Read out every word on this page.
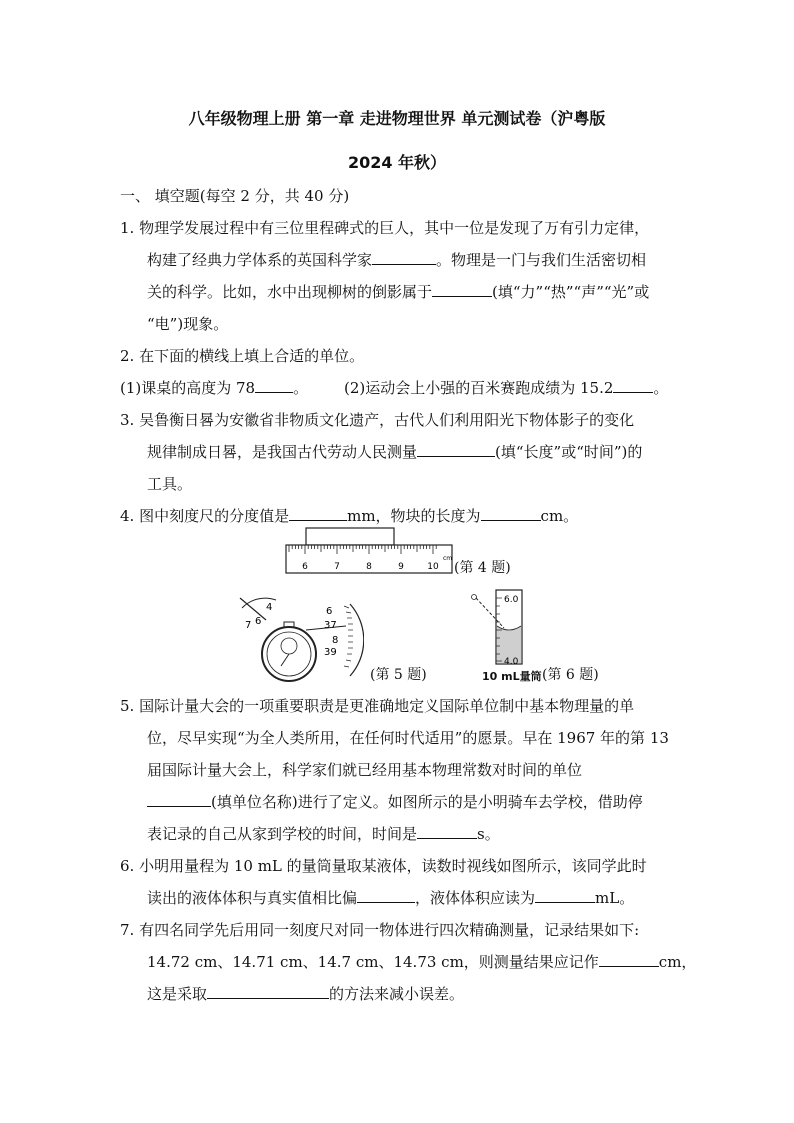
八年级物理上册 第一章 走进物理世界 单元测试卷（沪粤版
2024 年秋）
一、 填空题(每空 2 分，共 40 分)
1. 物理学发展过程中有三位里程碑式的巨人，其中一位是发现了万有引力定律，
构建了经典力学体系的英国科学家	。物理是一门与我们生活密切相
关的科学。比如，水中出现柳树的倒影属于	(填“力”“热”“声”“光”或
“电”)现象。
2. 在下面的横线上填上合适的单位。
(1)课桌的高度为 78	。 (2)运动会上小强的百米赛跑成绩为 15.2	。
3. 吴鲁衡日晷为安徽省非物质文化遗产，古代人们利用阳光下物体影子的变化
规律制成日晷，是我国古代劳动人民测量	(填“长度”或“时间”)的
工具。
4. 图中刻度尺的分度值是	mm，物块的长度为	cm。
6	7	8	9	10
cm
(第 4 题)
4
6
7
6
37
8
39
(第 5 题)
6.0
4.0
10 mL量筒 (第 6 题)
5. 国际计量大会的一项重要职责是更准确地定义国际单位制中基本物理量的单
位，尽早实现“为全人类所用，在任何时代适用”的愿景。早在 1967 年的第 13
届国际计量大会上，科学家们就已经用基本物理常数对时间的单位
(填单位名称)进行了定义。如图所示的是小明骑车去学校，借助停
表记录的自己从家到学校的时间，时间是	s。
6. 小明用量程为 10 mL 的量筒量取某液体，读数时视线如图所示，该同学此时
读出的液体体积与真实值相比偏	，液体体积应读为	mL。
7. 有四名同学先后用同一刻度尺对同一物体进行四次精确测量，记录结果如下:
14.72 cm、14.71 cm、14.7 cm、14.73 cm，则测量结果应记作	cm，
这是采取	的方法来减小误差。
